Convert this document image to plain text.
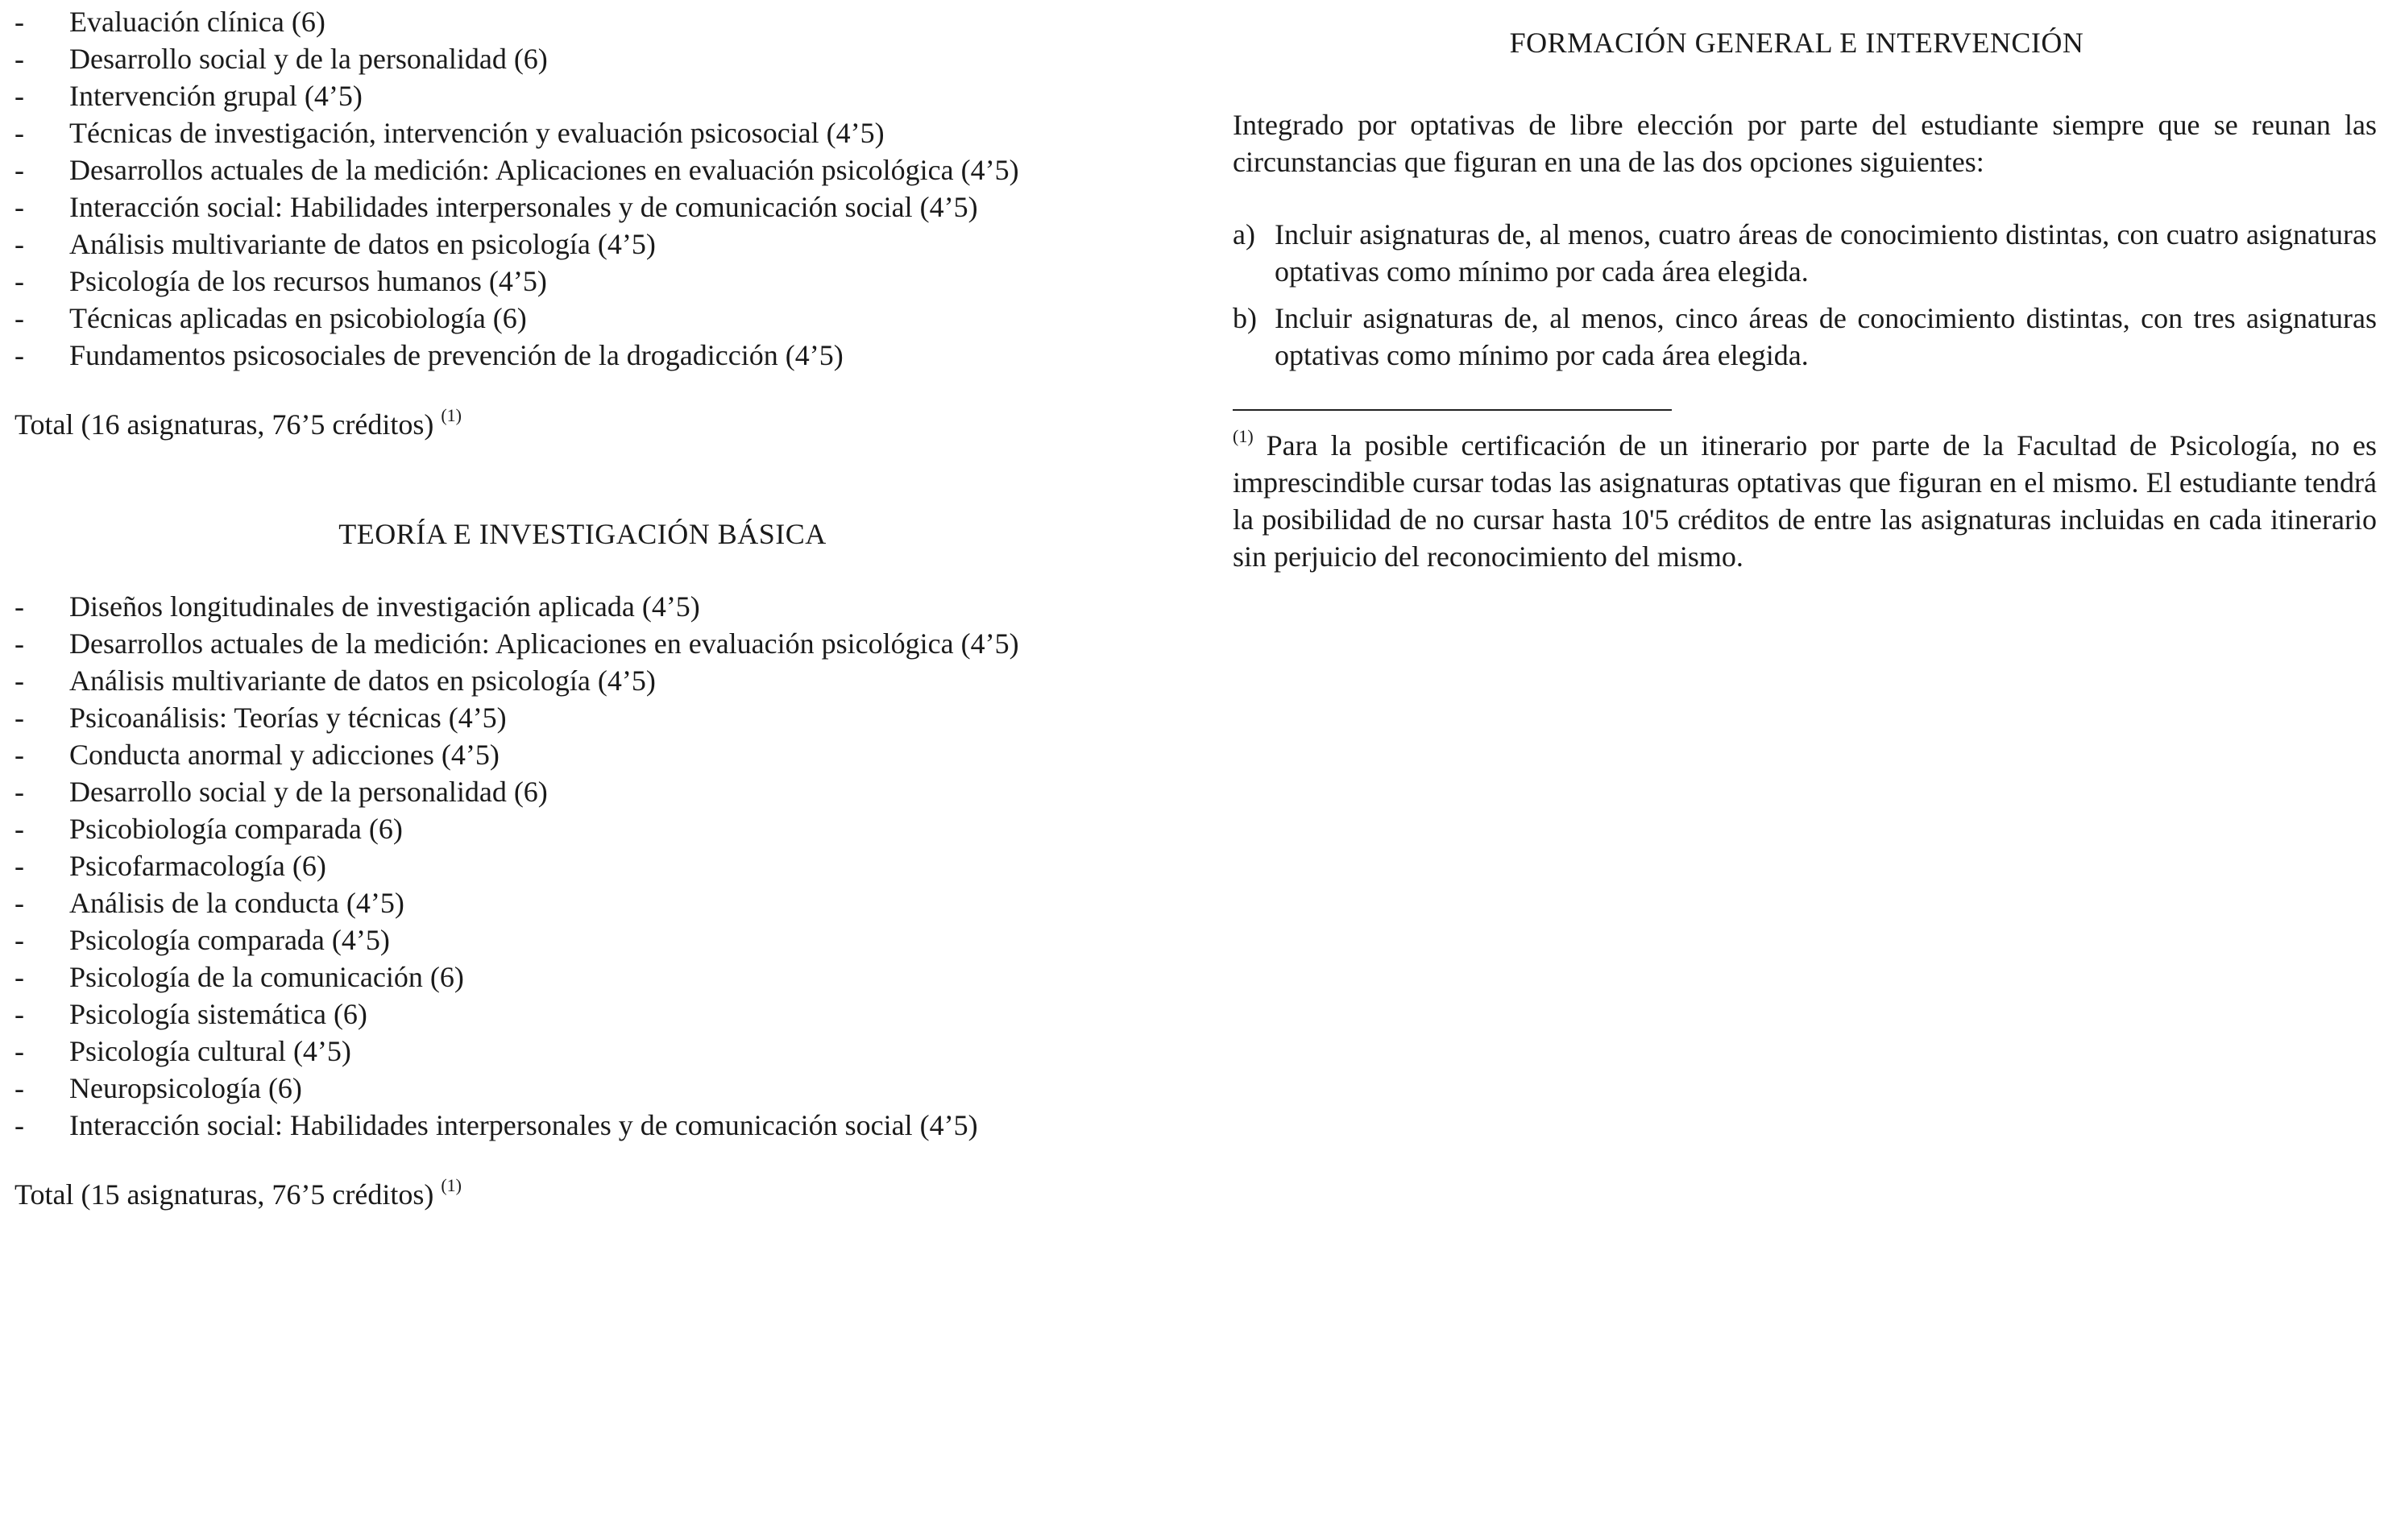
- Evaluación clínica (6)
- Desarrollo social y de la personalidad (6)
- Intervención grupal (4’5)
- Técnicas de investigación, intervención y evaluación psicosocial (4’5)
- Desarrollos actuales de la medición: Aplicaciones en evaluación psicológica (4’5)
- Interacción social: Habilidades interpersonales y de comunicación social (4’5)
- Análisis multivariante de datos en psicología (4’5)
- Psicología de los recursos humanos (4’5)
- Técnicas aplicadas en psicobiología (6)
- Fundamentos psicosociales de prevención de la drogadicción (4’5)
Total (16 asignaturas, 76’5 créditos) $^{(1)}$
TEORÍA E INVESTIGACIÓN BÁSICA
- Diseños longitudinales de investigación aplicada (4’5)
- Desarrollos actuales de la medición: Aplicaciones en evaluación psicológica (4’5)
- Análisis multivariante de datos en psicología (4’5)
- Psicoanálisis: Teorías y técnicas (4’5)
- Conducta anormal y adicciones (4’5)
- Desarrollo social y de la personalidad (6)
- Psicobiología comparada (6)
- Psicofarmacología (6)
- Análisis de la conducta (4’5)
- Psicología comparada (4’5)
- Psicología de la comunicación (6)
- Psicología sistemática (6)
- Psicología cultural (4’5)
- Neuropsicología (6)
- Interacción social: Habilidades interpersonales y de comunicación social (4’5)
Total (15 asignaturas, 76’5 créditos) $^{(1)}$
FORMACIÓN GENERAL E INTERVENCIÓN
Integrado por optativas de libre elección por parte del estudiante siempre que se reunan las circunstancias que figuran en una de las dos opciones siguientes:
a) Incluir asignaturas de, al menos, cuatro áreas de conocimiento distintas, con cuatro asignaturas optativas como mínimo por cada área elegida.
b) Incluir asignaturas de, al menos, cinco áreas de conocimiento distintas, con tres asignaturas optativas como mínimo por cada área elegida.
$^{(1)}$ Para la posible certificación de un itinerario por parte de la Facultad de Psicología, no es imprescindible cursar todas las asignaturas optativas que figuran en el mismo. El estudiante tendrá la posibilidad de no cursar hasta 10'5 créditos de entre las asignaturas incluidas en cada itinerario sin perjuicio del reconocimiento del mismo.
